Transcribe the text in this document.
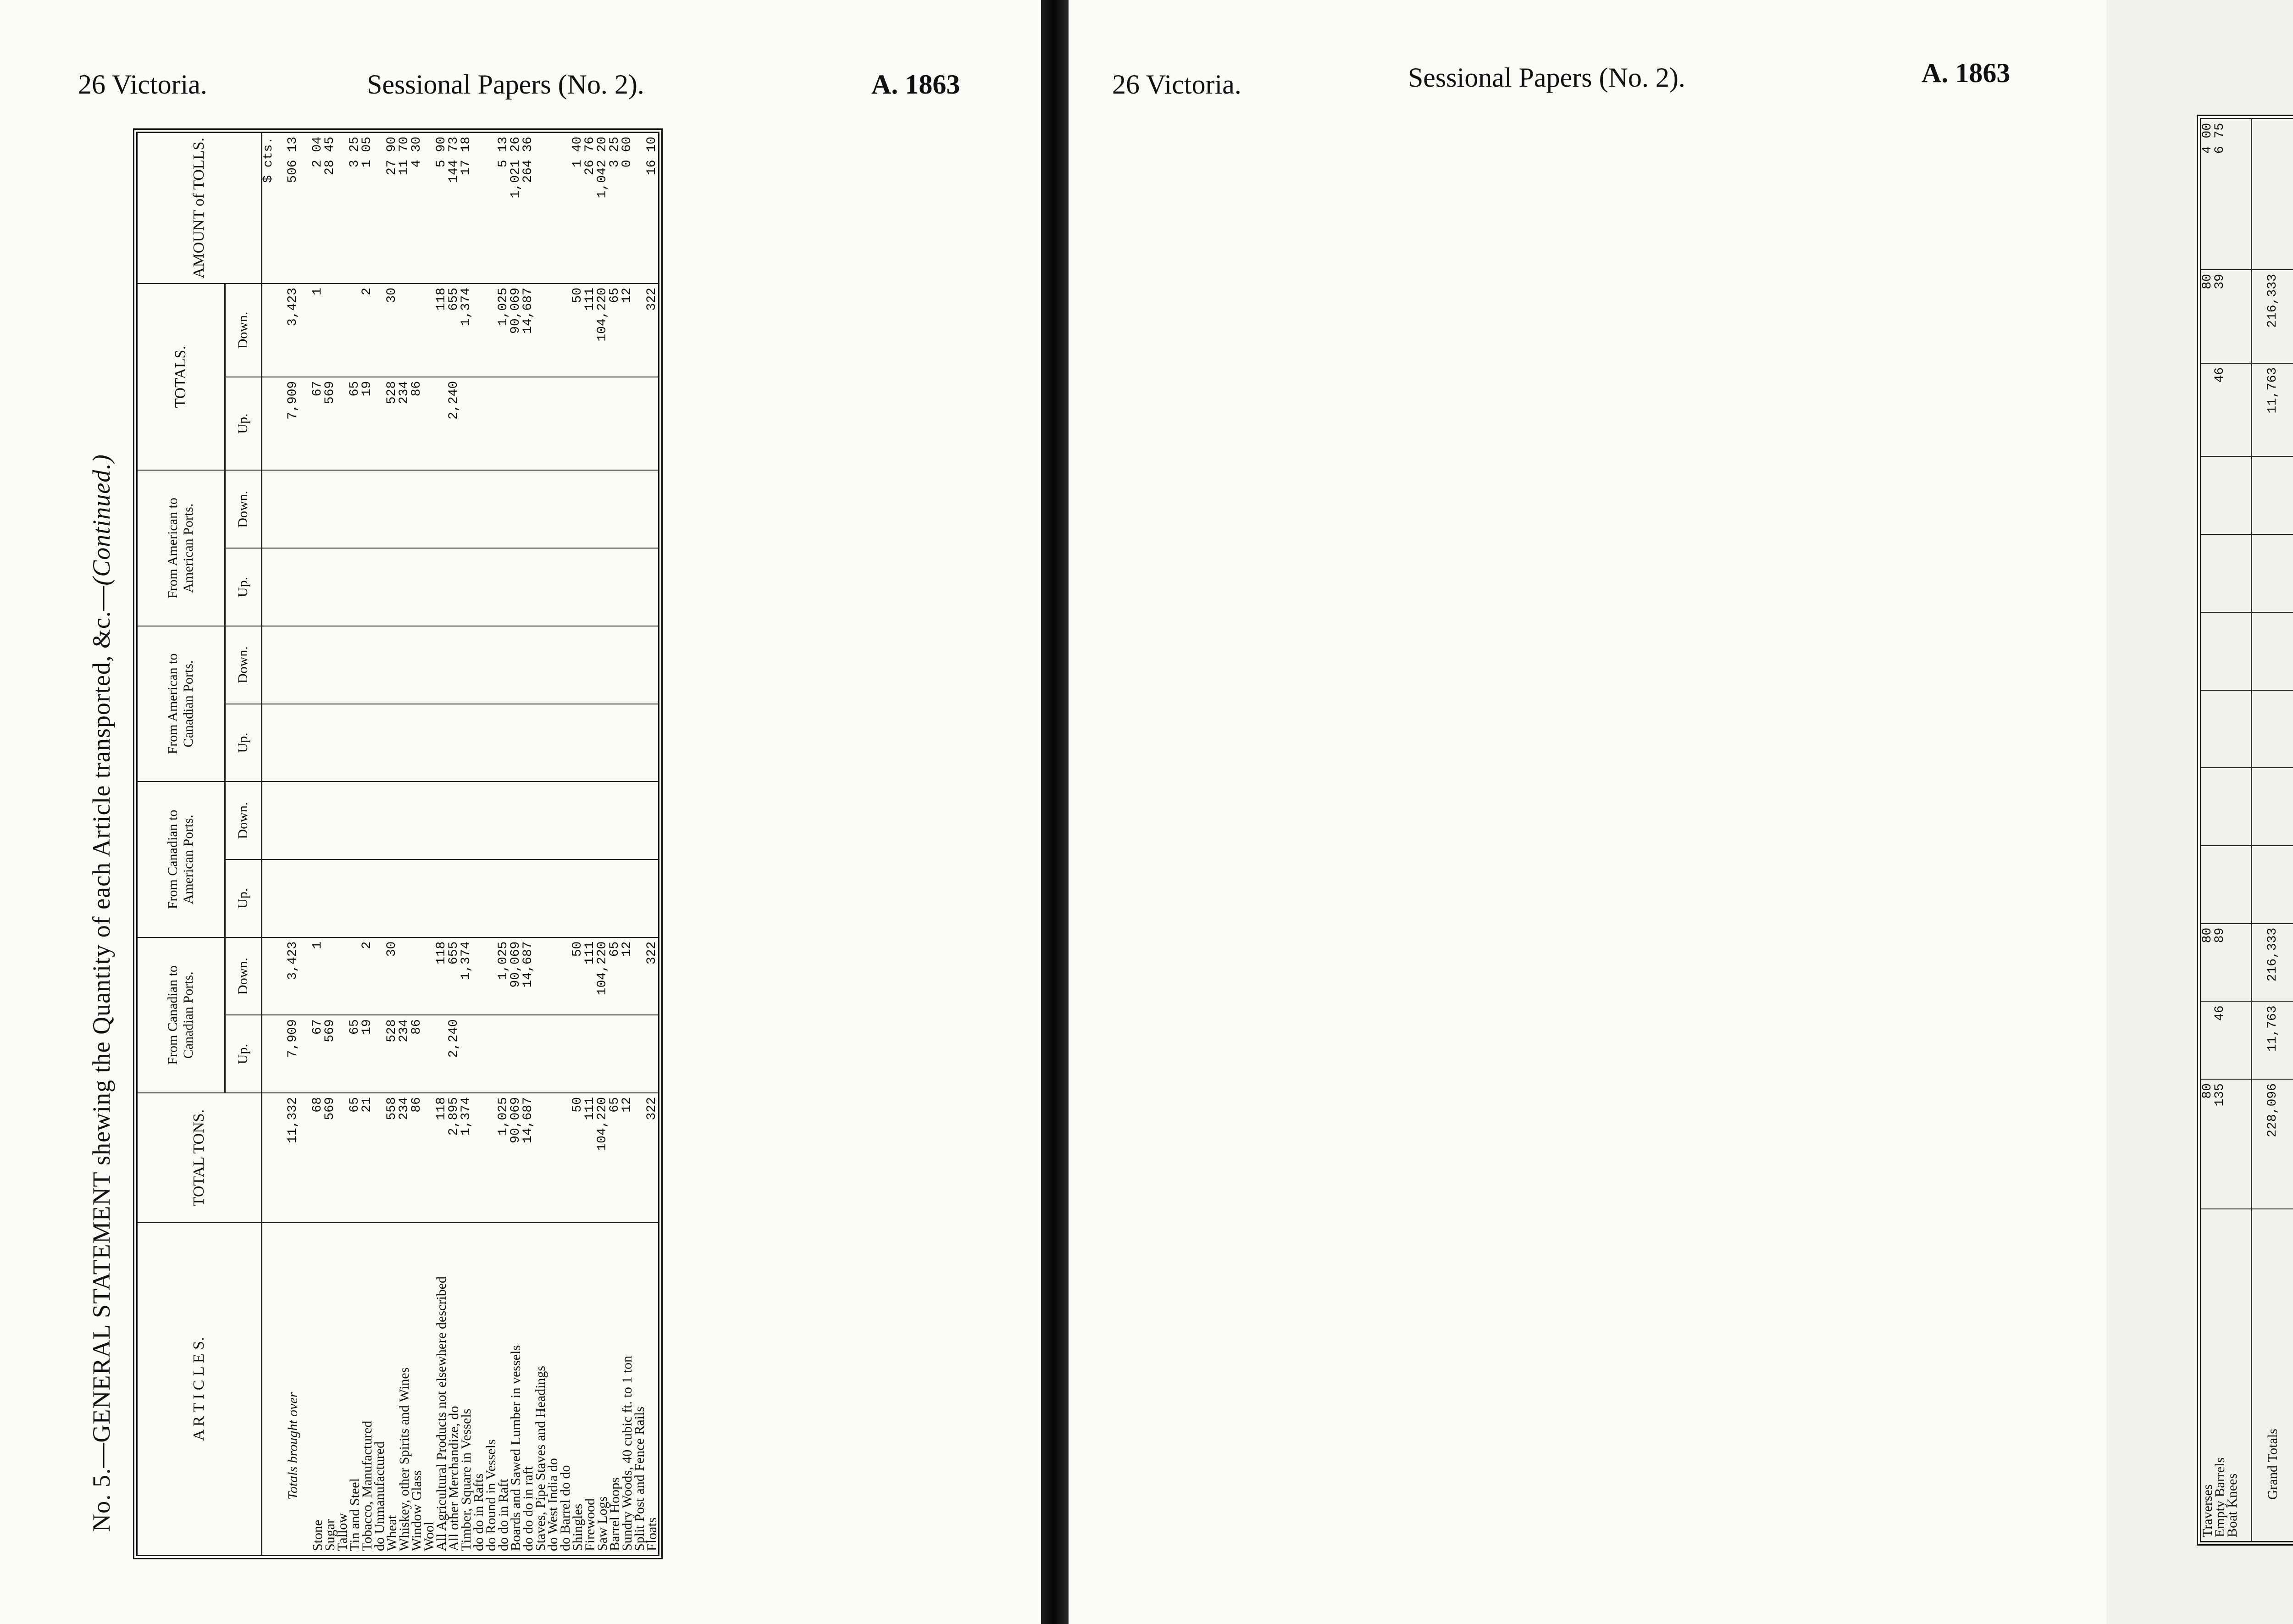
26 Victoria.	Sessional Papers (No. 2).	A. 1863
No. 5.—GENERAL STATEMENT shewing the Quantity of each Article transported, &c.—(Continued.)
A R T I C L E S.	TOTAL TONS.	From Canadian to Canadian Ports.		From Canadian to American Ports.		From American to Canadian Ports.		From American to American Ports.		TOTALS.		AMOUNT of TOLLS.
		Up.	Down.	Up.	Down.	Up.	Down.	Up.	Down.	Up.	Down.	
												$ cts.
Totals brought over	11,332	7,909	3,423							7,909	3,423	506 13
Stone	68	67	1							67	1	2 04
Sugar	569	569								569		28 45
Tallow												
Tin and Steel	65	65								65		3 25
Tobacco, Manufactured	21	19	2							19	2	1 05
do Unmanufactured												
Wheat	558	528	30							528	30	27 90
Whiskey, other Spirits and Wines	234	234								234		11 70
Window Glass	86	86								86		4 30
Wool												
All Agricultural Products not elsewhere described	118		118								118	5 90
All other Merchandize, do	2,895	2,240	655							2,240	655	144 73
Timber, Square in Vessels	1,374		1,374								1,374	17 18
do do in Rafts												
do Round in Vessels												
do do in Raft	1,025		1,025								1,025	5 13
Boards and Sawed Lumber in vessels	90,069		90,069								90,069	1,021 26
do do do in raft	14,687		14,687								14,687	264 36
Staves, Pipe Staves and Headings												
do West India do												
do Barrel do do												
Shingles	50		50								50	1 40
Firewood	111		111								111	26 76
Saw Logs	104,220		104,220								104,220	1,042 20
Barrel Hoops	65		65								65	3 25
Sundry Woods, 40 cubic ft. to 1 ton	12		12								12	0 60
Split Post and Fence Rails												
Floats	322		322								322	16 10
26 Victoria.	Sessional Papers (No. 2).	A. 1863
Traverses	80		80								80	4 00
Empty Barrels	135	46	89							46	39	6 75
Boat Knees												

Grand Totals	228,096	11,763	216,333							11,763	216,333	
